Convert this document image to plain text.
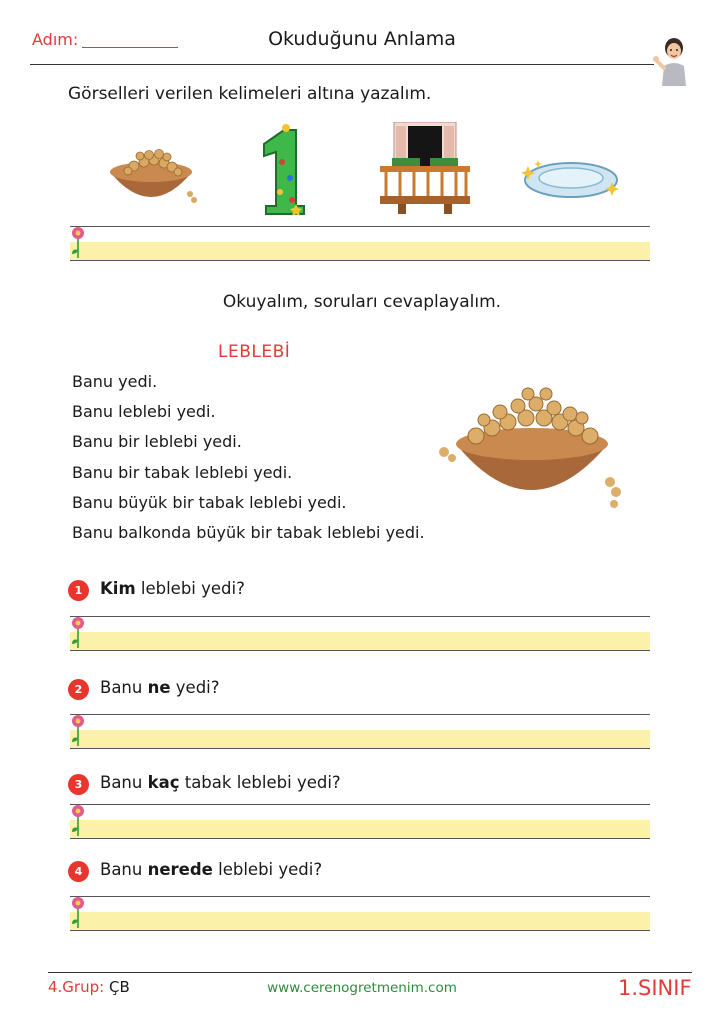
Adım:	Okuduğunu Anlama
Görselleri verilen kelimeleri altına yazalım.
Okuyalım, soruları cevaplayalım.
LEBLEBİ
Banu yedi.
Banu leblebi yedi.
Banu bir leblebi yedi.
Banu bir tabak leblebi yedi.
Banu büyük bir tabak leblebi yedi.
Banu balkonda büyük bir tabak leblebi yedi.
1	Kim leblebi yedi?
2	Banu ne yedi?
3	Banu kaç tabak leblebi yedi?
4	Banu nerede leblebi yedi?
4.Grup: ÇB	www.cerenogretmenim.com	1.SINIF
